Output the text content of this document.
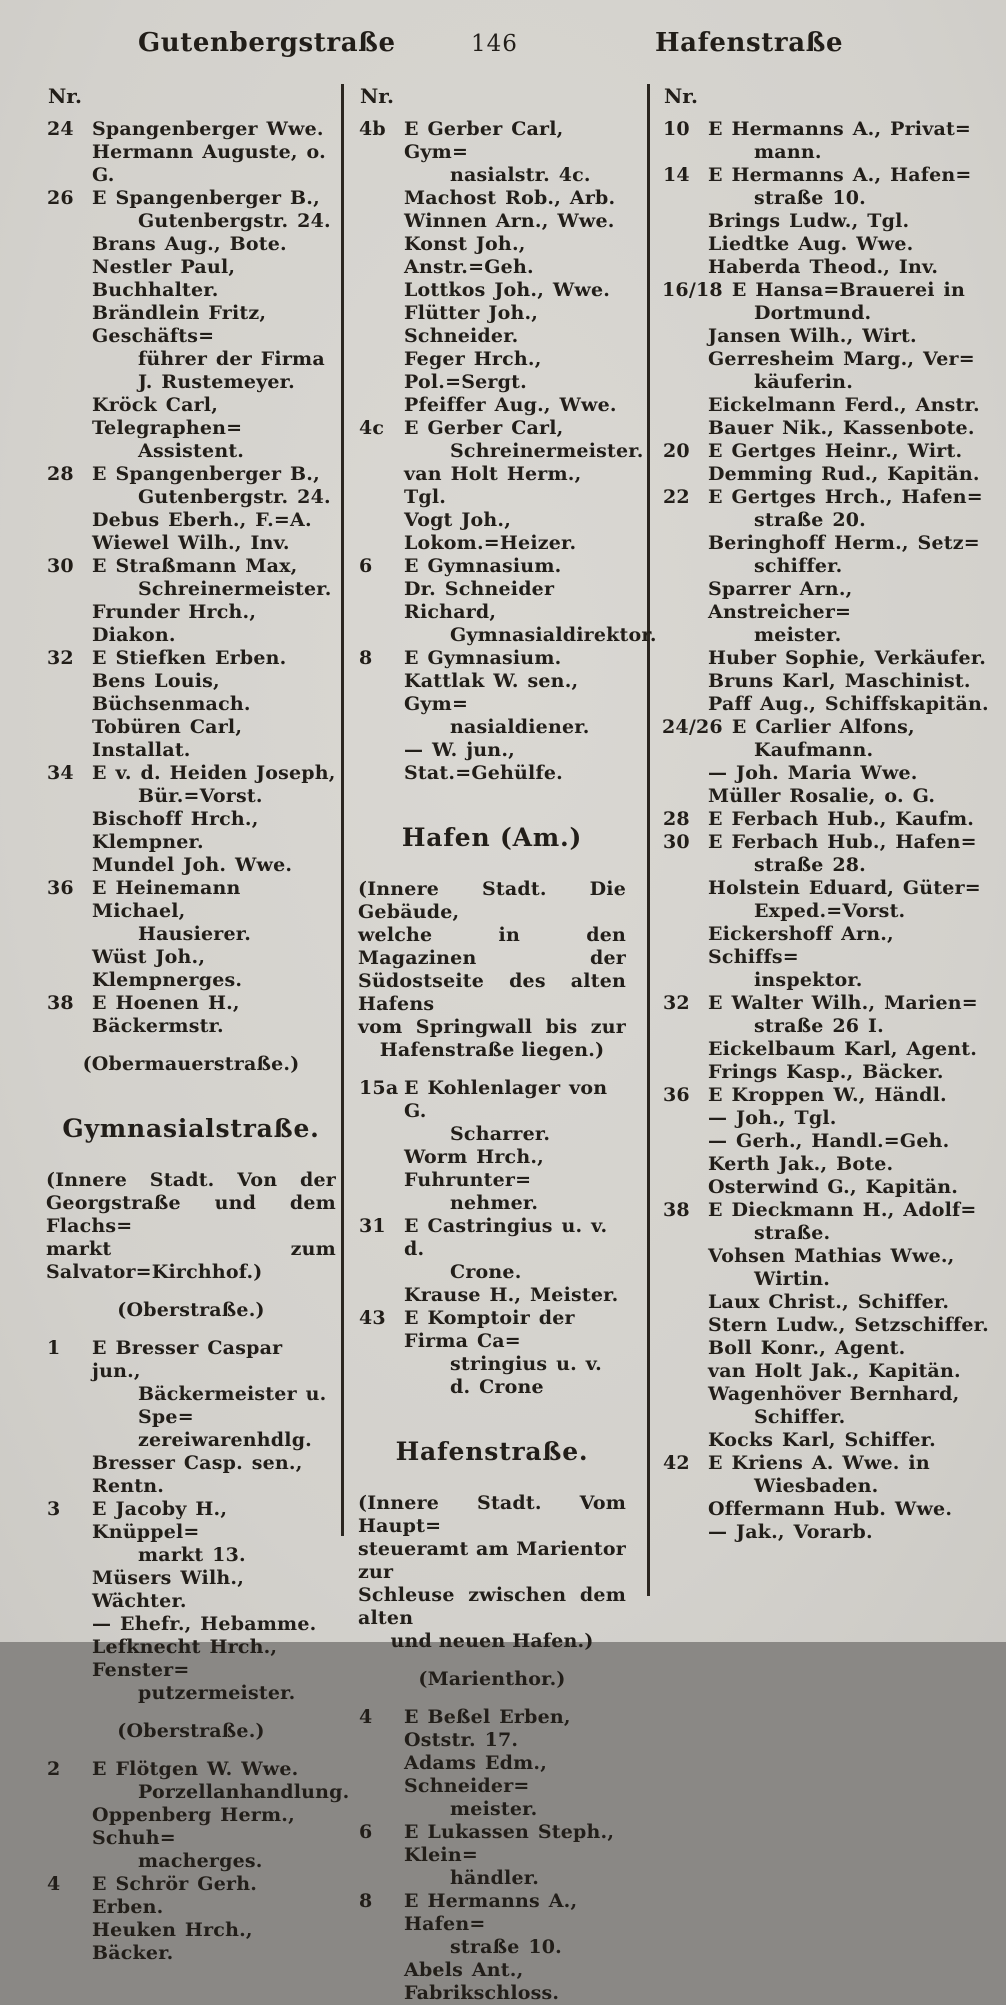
Gutenbergstraße	146	Hafenstraße
Nr.
24 Spangenberger Wwe.
Hermann Auguste, o. G.
26 E Spangenberger B.,
Gutenbergstr. 24.
Brans Aug., Bote.
Nestler Paul, Buchhalter.
Brändlein Fritz, Geschäfts=
führer der Firma
J. Rustemeyer.
Kröck Carl, Telegraphen=
Assistent.
28 E Spangenberger B.,
Gutenbergstr. 24.
Debus Eberh., F.=A.
Wiewel Wilh., Inv.
30 E Straßmann Max,
Schreinermeister.
Frunder Hrch., Diakon.
32 E Stiefken Erben.
Bens Louis, Büchsenmach.
Tobüren Carl, Installat.
34 E v. d. Heiden Joseph,
Bür.=Vorst.
Bischoff Hrch., Klempner.
Mundel Joh. Wwe.
36 E Heinemann Michael,
Hausierer.
Wüst Joh., Klempnerges.
38 E Hoenen H., Bäckermstr.
(Obermauerstraße.)
Gymnasialstraße.
(Innere Stadt. Von der
Georgstraße und dem Flachs=
markt zum Salvator=Kirchhof.)
(Oberstraße.)
1 E Bresser Caspar jun.,
Bäckermeister u. Spe=
zereiwarenhdlg.
Bresser Casp. sen., Rentn.
3 E Jacoby H., Knüppel=
markt 13.
Müsers Wilh., Wächter.
— Ehefr., Hebamme.
Lefknecht Hrch., Fenster=
putzermeister.
(Oberstraße.)
2 E Flötgen W. Wwe.
Porzellanhandlung.
Oppenberg Herm., Schuh=
macherges.
4 E Schrör Gerh. Erben.
Heuken Hrch., Bäcker.
Nr.
4b E Gerber Carl, Gym=
nasialstr. 4c.
Machost Rob., Arb.
Winnen Arn., Wwe.
Konst Joh., Anstr.=Geh.
Lottkos Joh., Wwe.
Flütter Joh., Schneider.
Feger Hrch., Pol.=Sergt.
Pfeiffer Aug., Wwe.
4c E Gerber Carl,
Schreinermeister.
van Holt Herm., Tgl.
Vogt Joh., Lokom.=Heizer.
6 E Gymnasium.
Dr. Schneider Richard,
Gymnasialdirektor.
8 E Gymnasium.
Kattlak W. sen., Gym=
nasialdiener.
— W. jun., Stat.=Gehülfe.
Hafen (Am.)
(Innere Stadt. Die Gebäude,
welche in den Magazinen der
Südostseite des alten Hafens
vom Springwall bis zur
Hafenstraße liegen.)
15a E Kohlenlager von G.
Scharrer.
Worm Hrch., Fuhrunter=
nehmer.
31 E Castringius u. v. d.
Crone.
Krause H., Meister.
43 E Komptoir der Firma Ca=
stringius u. v. d. Crone
Hafenstraße.
(Innere Stadt. Vom Haupt=
steueramt am Marientor zur
Schleuse zwischen dem alten
und neuen Hafen.)
(Marienthor.)
4 E Beßel Erben, Oststr. 17.
Adams Edm., Schneider=
meister.
6 E Lukassen Steph., Klein=
händler.
8 E Hermanns A., Hafen=
straße 10.
Abels Ant., Fabrikschloss.
Nr.
10 E Hermanns A., Privat=
mann.
14 E Hermanns A., Hafen=
straße 10.
Brings Ludw., Tgl.
Liedtke Aug. Wwe.
Haberda Theod., Inv.
16/18 E Hansa=Brauerei in
Dortmund.
Jansen Wilh., Wirt.
Gerresheim Marg., Ver=
käuferin.
Eickelmann Ferd., Anstr.
Bauer Nik., Kassenbote.
20 E Gertges Heinr., Wirt.
Demming Rud., Kapitän.
22 E Gertges Hrch., Hafen=
straße 20.
Beringhoff Herm., Setz=
schiffer.
Sparrer Arn., Anstreicher=
meister.
Huber Sophie, Verkäufer.
Bruns Karl, Maschinist.
Paff Aug., Schiffskapitän.
24/26 E Carlier Alfons,
Kaufmann.
— Joh. Maria Wwe.
Müller Rosalie, o. G.
28 E Ferbach Hub., Kaufm.
30 E Ferbach Hub., Hafen=
straße 28.
Holstein Eduard, Güter=
Exped.=Vorst.
Eickershoff Arn., Schiffs=
inspektor.
32 E Walter Wilh., Marien=
straße 26 I.
Eickelbaum Karl, Agent.
Frings Kasp., Bäcker.
36 E Kroppen W., Händl.
— Joh., Tgl.
— Gerh., Handl.=Geh.
Kerth Jak., Bote.
Osterwind G., Kapitän.
38 E Dieckmann H., Adolf=
straße.
Vohsen Mathias Wwe.,
Wirtin.
Laux Christ., Schiffer.
Stern Ludw., Setzschiffer.
Boll Konr., Agent.
van Holt Jak., Kapitän.
Wagenhöver Bernhard,
Schiffer.
Kocks Karl, Schiffer.
42 E Kriens A. Wwe. in
Wiesbaden.
Offermann Hub. Wwe.
— Jak., Vorarb.
